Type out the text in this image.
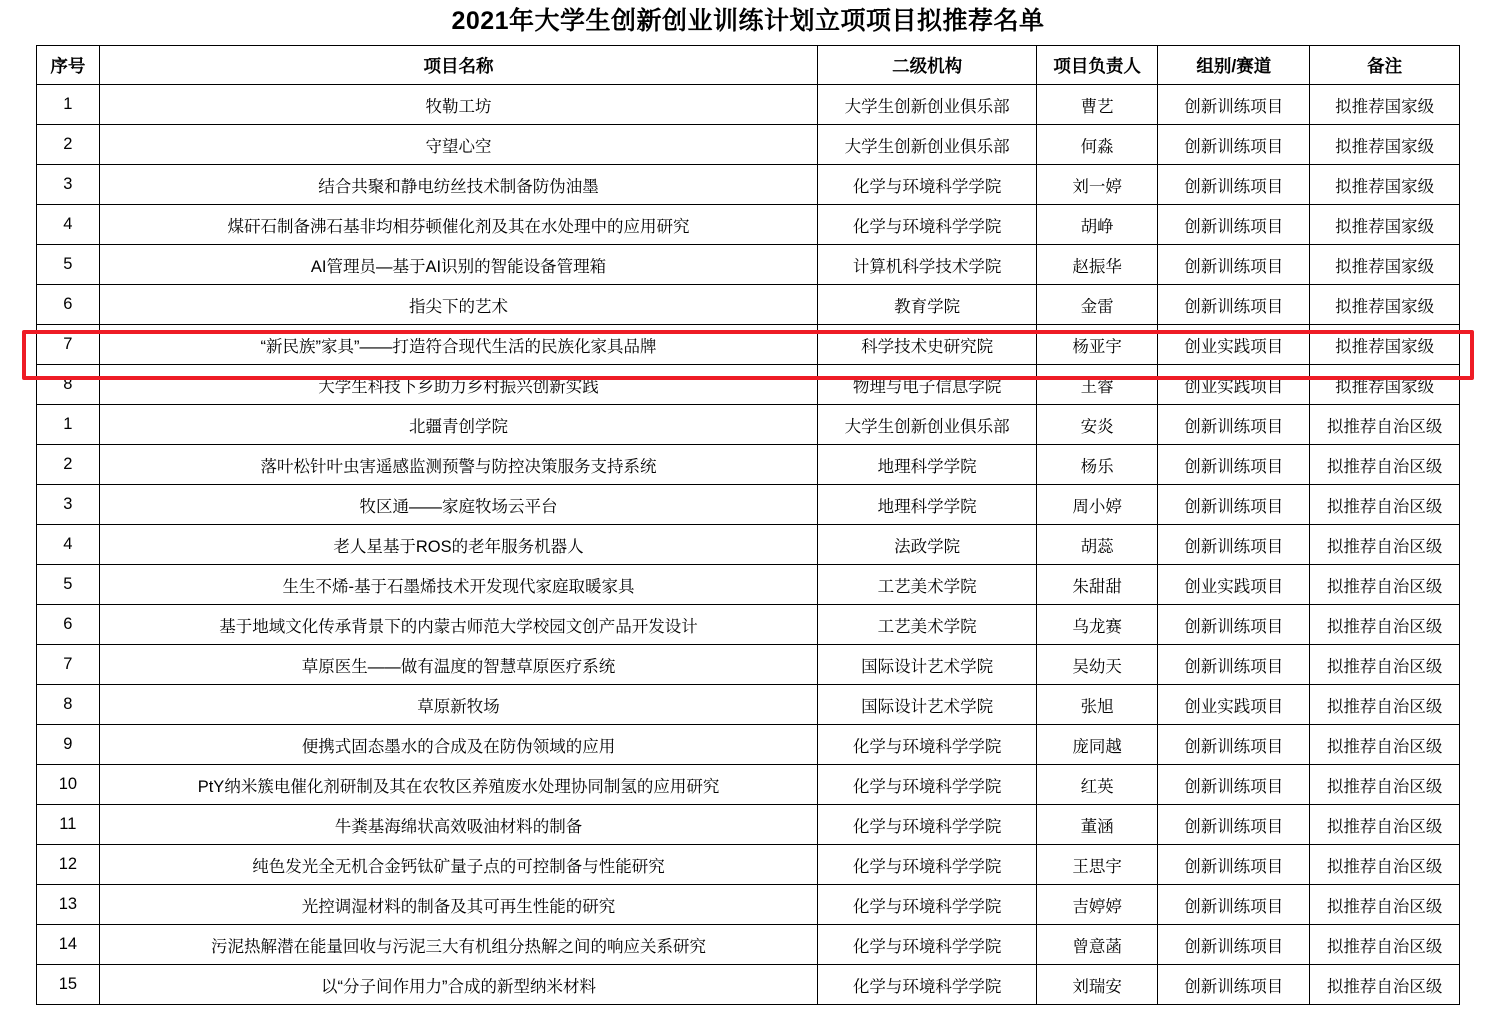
2021年大学生创新创业训练计划立项项目拟推荐名单
序号	项目名称	二级机构	项目负责人	组别/赛道	备注
1	牧勒工坊	大学生创新创业俱乐部	曹艺	创新训练项目	拟推荐国家级
2	守望心空	大学生创新创业俱乐部	何淼	创新训练项目	拟推荐国家级
3	结合共聚和静电纺丝技术制备防伪油墨	化学与环境科学学院	刘一婷	创新训练项目	拟推荐国家级
4	煤矸石制备沸石基非均相芬顿催化剂及其在水处理中的应用研究	化学与环境科学学院	胡峥	创新训练项目	拟推荐国家级
5	AI管理员—基于AI识别的智能设备管理箱	计算机科学技术学院	赵振华	创新训练项目	拟推荐国家级
6	指尖下的艺术	教育学院	金雷	创新训练项目	拟推荐国家级
7	“新民族”家具”——打造符合现代生活的民族化家具品牌	科学技术史研究院	杨亚宇	创业实践项目	拟推荐国家级
8	大学生科技下乡助力乡村振兴创新实践	物理与电子信息学院	王睿	创业实践项目	拟推荐国家级
1	北疆青创学院	大学生创新创业俱乐部	安炎	创新训练项目	拟推荐自治区级
2	落叶松针叶虫害遥感监测预警与防控决策服务支持系统	地理科学学院	杨乐	创新训练项目	拟推荐自治区级
3	牧区通——家庭牧场云平台	地理科学学院	周小婷	创新训练项目	拟推荐自治区级
4	老人星基于ROS的老年服务机器人	法政学院	胡蕊	创新训练项目	拟推荐自治区级
5	生生不烯-基于石墨烯技术开发现代家庭取暖家具	工艺美术学院	朱甜甜	创业实践项目	拟推荐自治区级
6	基于地域文化传承背景下的内蒙古师范大学校园文创产品开发设计	工艺美术学院	乌龙赛	创新训练项目	拟推荐自治区级
7	草原医生——做有温度的智慧草原医疗系统	国际设计艺术学院	吴幼天	创新训练项目	拟推荐自治区级
8	草原新牧场	国际设计艺术学院	张旭	创业实践项目	拟推荐自治区级
9	便携式固态墨水的合成及在防伪领域的应用	化学与环境科学学院	庞同越	创新训练项目	拟推荐自治区级
10	PtY纳米簇电催化剂研制及其在农牧区养殖废水处理协同制氢的应用研究	化学与环境科学学院	红英	创新训练项目	拟推荐自治区级
11	牛粪基海绵状高效吸油材料的制备	化学与环境科学学院	董涵	创新训练项目	拟推荐自治区级
12	纯色发光全无机合金钙钛矿量子点的可控制备与性能研究	化学与环境科学学院	王思宇	创新训练项目	拟推荐自治区级
13	光控调湿材料的制备及其可再生性能的研究	化学与环境科学学院	吉婷婷	创新训练项目	拟推荐自治区级
14	污泥热解潜在能量回收与污泥三大有机组分热解之间的响应关系研究	化学与环境科学学院	曾意菡	创新训练项目	拟推荐自治区级
15	以“分子间作用力”合成的新型纳米材料	化学与环境科学学院	刘瑞安	创新训练项目	拟推荐自治区级
